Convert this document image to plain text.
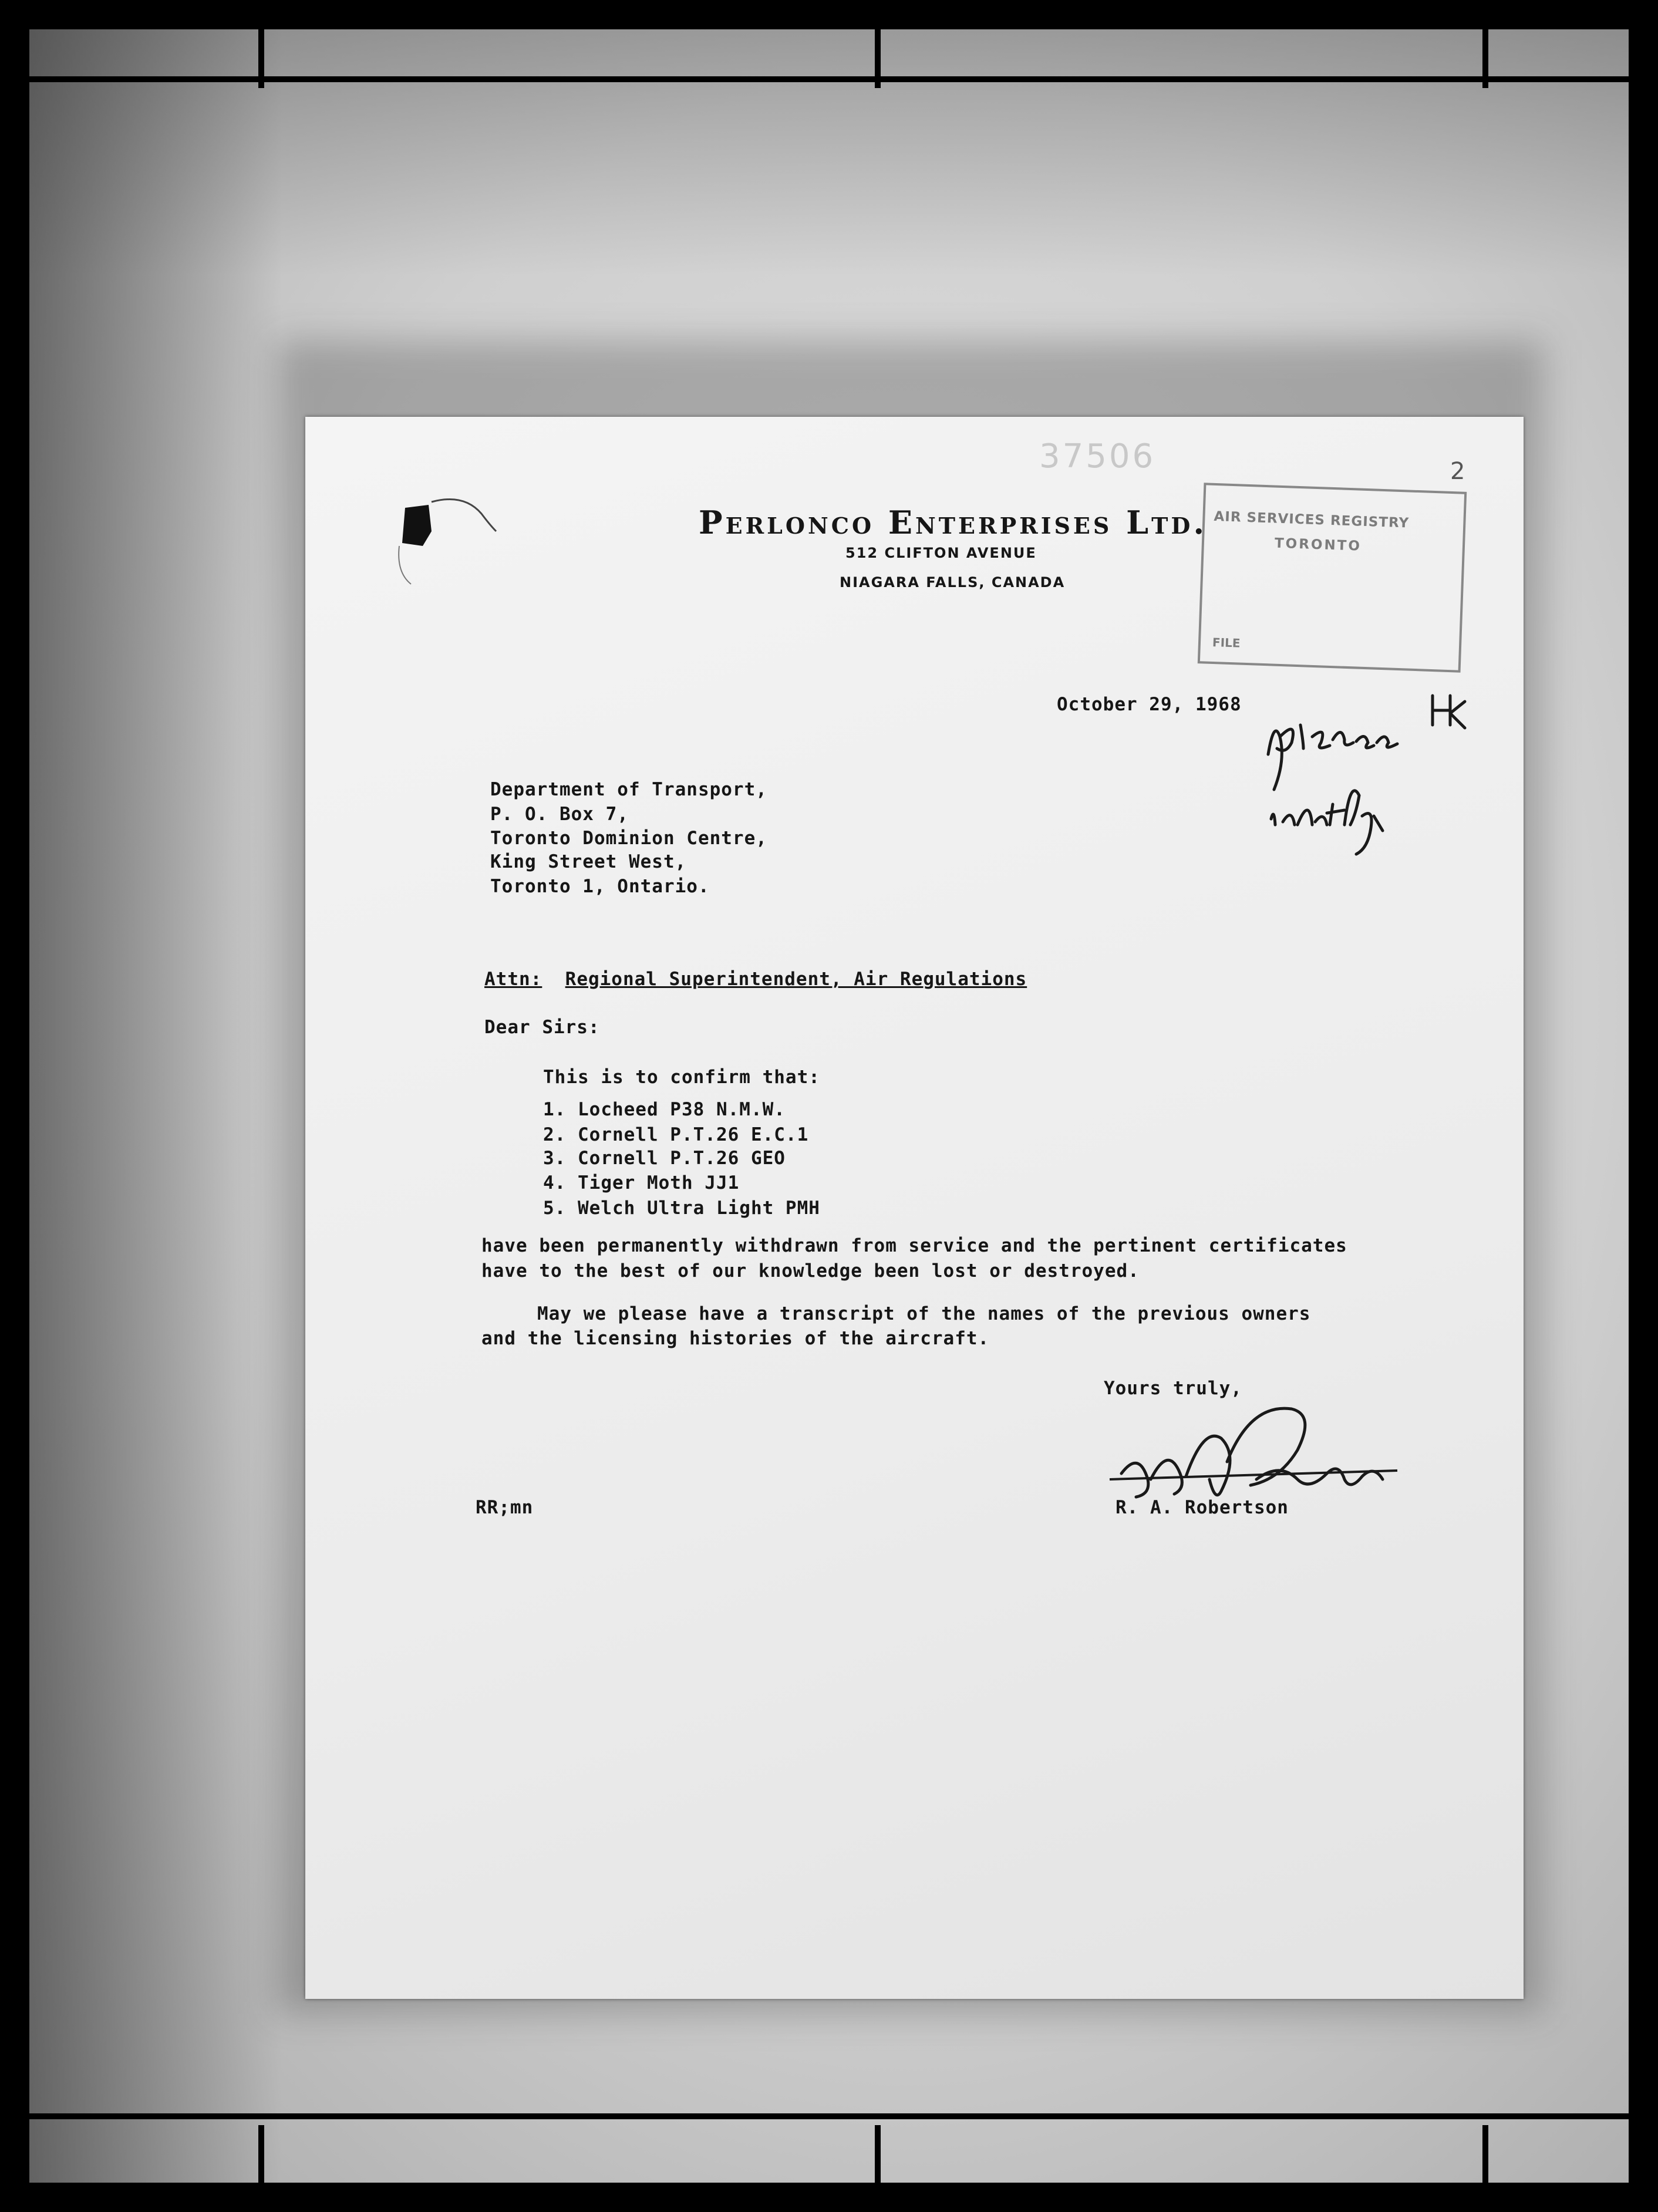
37506	2
Perlonco Enterprises Ltd.
512 CLIFTON AVENUE
NIAGARA FALLS, CANADA
AIR SERVICES REGISTRY
TORONTO
FILE
October 29, 1968
Department of Transport,
P. O. Box 7,
Toronto Dominion Centre,
King Street West,
Toronto 1, Ontario.
Attn: Regional Superintendent, Air Regulations
Dear Sirs:
This is to confirm that:
1. Locheed P38 N.M.W.
2. Cornell P.T.26 E.C.1
3. Cornell P.T.26 GEO
4. Tiger Moth JJ1
5. Welch Ultra Light PMH
have been permanently withdrawn from service and the pertinent certificates
have to the best of our knowledge been lost or destroyed.
May we please have a transcript of the names of the previous owners
and the licensing histories of the aircraft.
Yours truly,
R. A. Robertson
RR;mn
